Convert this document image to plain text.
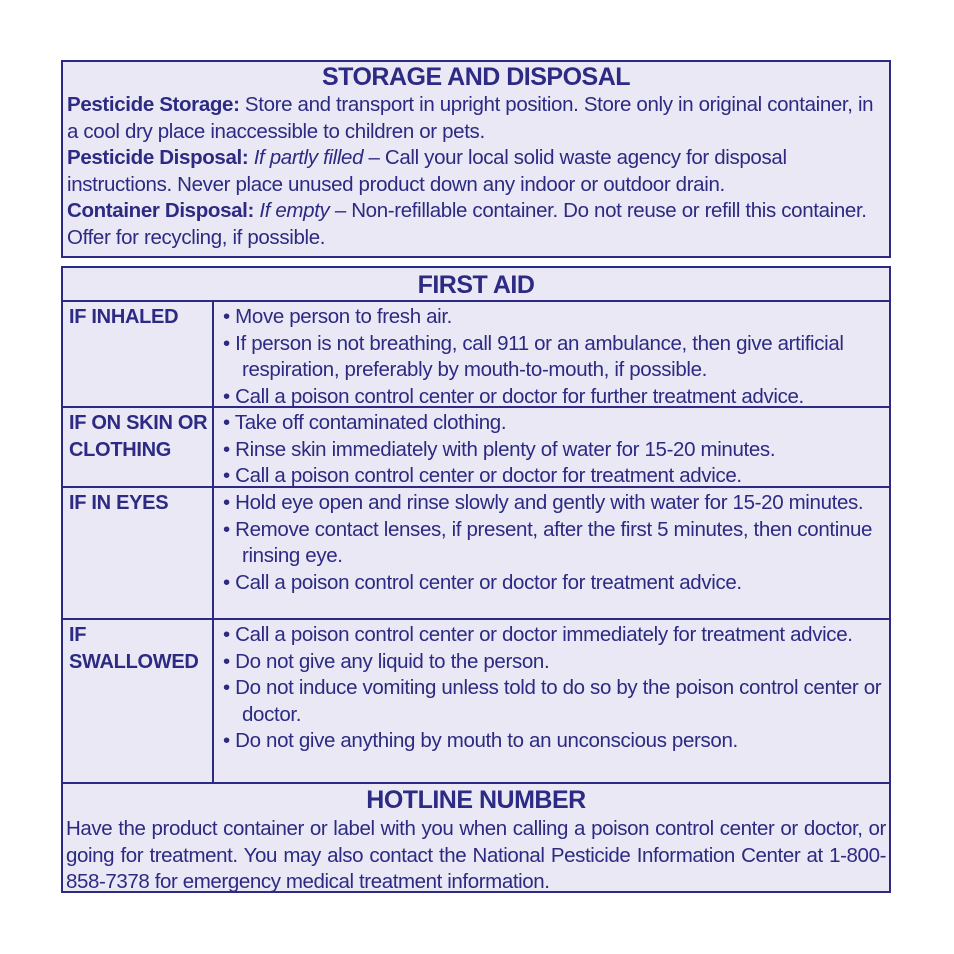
STORAGE AND DISPOSAL
Pesticide Storage: Store and transport in upright position. Store only in original container, in a cool dry place inaccessible to children or pets.
Pesticide Disposal: If partly filled – Call your local solid waste agency for disposal instructions. Never place unused product down any indoor or outdoor drain.
Container Disposal: If empty – Non-refillable container. Do not reuse or refill this container. Offer for recycling, if possible.
FIRST AID
IF INHALED	• Move person to fresh air.
• If person is not breathing, call 911 or an ambulance, then give artificial respiration, preferably by mouth-to-mouth, if possible.
• Call a poison control center or doctor for further treatment advice.
IF ON SKIN OR CLOTHING
• Take off contaminated clothing.
• Rinse skin immediately with plenty of water for 15-20 minutes.
• Call a poison control center or doctor for treatment advice.
IF IN EYES	• Hold eye open and rinse slowly and gently with water for 15-20 minutes.
• Remove contact lenses, if present, after the first 5 minutes, then continue rinsing eye.
• Call a poison control center or doctor for treatment advice.
IF SWALLOWED
• Call a poison control center or doctor immediately for treatment advice.
• Do not give any liquid to the person.
• Do not induce vomiting unless told to do so by the poison control center or doctor.
• Do not give anything by mouth to an unconscious person.
HOTLINE NUMBER
Have the product container or label with you when calling a poison control center or doctor, or going for treatment. You may also contact the National Pesticide Information Center at 1-800-858-7378 for emergency medical treatment information.
